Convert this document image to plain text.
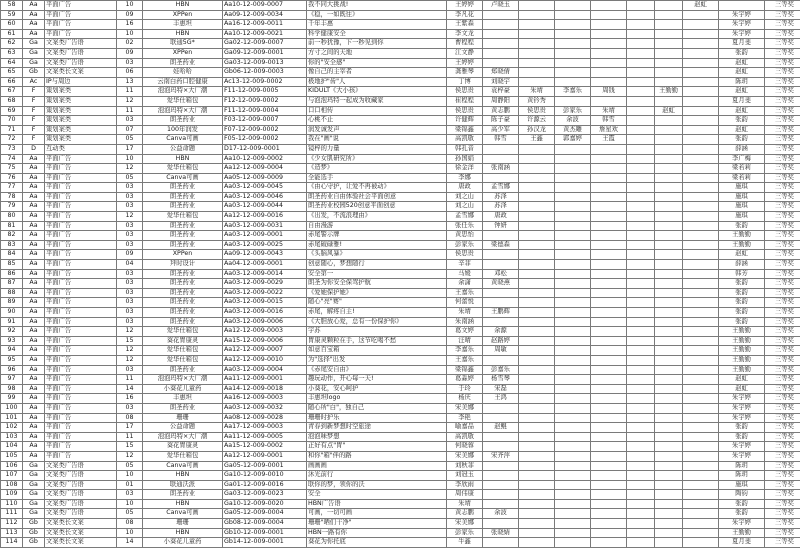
58	Aa	平面广告	10	HBN	Aa10-12-009-0007	我不同大挑战!	王婷婷	卢晓玉						赵虹		三等奖
59	Aa	平面广告	09	XPPen	Aa09-12-009-0034	《稳，一如既往》	李凡花								朱宇婷	三等奖
60	Aa	平面广告	16	丰惠坦	Aa16-12-009-0011	千年丰惠	王紫森								朱宇婷	三等奖
61	Aa	平面广告	10	HBN	Aa10-12-009-0021	科学健康安全	李文龙								朱宇婷	三等奖
62	Ga	文案类广告语	02	联通5G*	Ga02-12-009-0007	前一秒犹豫，下一秒见到你	曹程程								夏月斐	三等奖
63	Ga	文案类广告语	09	XPPen	Ga09-12-009-0001	方寸之间的天地	江文静								张韵	三等奖
64	Ga	文案类广告语	03	朗圣药业	Ga03-12-009-0013	你的"安全感"	王婷婷								赵虹	三等奖
65	Gb	文案类长文案	06	娃哈哈	Gb06-12-009-0003	像自己的主宰者	龚雅琴	郑晓倩							赵虹	三等奖
66	Ac	IP与周边	13	云南白药口腔健康	Ac13-12-009-0002	极地护"齿"人	丁博	刘晓宇							陈玥	三等奖
67	F	策划案类	11	泡泡玛特×大厂潮	F11-12-009-0005	KIDULT《大小孩》	侯思贵	袁梓豪	朱靖	李嘉乐	周钱		王勤勤		赵虹	三等奖
68	F	策划案类	12	爱华仕箱包	F12-12-009-0002	与泡泡玛特一起成为收藏家	崔程程	周静阳	黄钤秀						夏月斐	三等奖
69	F	策划案类	11	泡泡玛特×大厂潮	F11-12-009-0004	口口相传	侯思贵	黄志鹏	侯思贵	彭家乐	朱靖		赵虹		赵虹	三等奖
70	F	策划案类	03	朗圣药业	F03-12-009-0007	心桃不止	许健辉	陈子豪	许源云	余波	韩雪				张韵	三等奖
71	F	策划案类	07	100年润发	F07-12-009-0002	润发诚发声	梁锦鑫	高少军	孙汉龙	黄杰雕	詹星欢				赵虹	三等奖
72	F	策划案类	05	Canva可画	F05-12-009-0002	我在"画"说	高凯敬	韩雪	王鑫	郭嘉婷	王霞				张韵	三等奖
73	D	互动类	17	公益命题	D17-12-009-0001	镜梓的力量	韩孔音								薛涵	三等奖
74	Aa	平面广告	10	HBN	Aa10-12-009-0002	《少女肌研究所》	孙国娟								李广梅	三等奖
75	Aa	平面广告	12	爱华仕箱包	Aa12-12-009-0004	《造梦》	徐金洋	张南涵							梁若莉	三等奖
76	Aa	平面广告	05	Canva可画	Aa05-12-009-0009	全能选手	李娜								梁若莉	三等奖
77	Aa	平面广告	03	朗圣药业	Aa03-12-009-0045	《由心守护，让爱不再被动》	唐政	孟雪娜							施琪	三等奖
78	Aa	平面广告	03	朗圣药业	Aa03-12-009-0046	朗圣药业自由体验社会平面创意	刘之山	苏泽							施琪	三等奖
79	Aa	平面广告	03	朗圣药业	Aa03-12-009-0044	朗圣药业校园520创意平面创意	刘之山	苏泽							施琪	三等奖
80	Aa	平面广告	12	爱华仕箱包	Aa12-12-009-0016	《出发，不流浪理由》	孟雪娜	唐政							施琪	三等奖
81	Aa	平面广告	03	朗圣药业	Aa03-12-009-0031	自由漫游	张任乐	钟妍							张韵	三等奖
82	Aa	平面广告	03	朗圣药业	Aa03-12-009-0001	赤尾警示牌	黄思怡								王勤勤	三等奖
83	Aa	平面广告	03	朗圣药业	Aa03-12-009-0025	赤尾破碌雅!	彭家乐	梁德森							王勤勤	三等奖
84	Aa	平面广告	09	XPPen	Aa09-12-009-0043	《头脑风暴》	侯思贵								赵虹	三等奖
85	Aa	平面广告	04	拜时设计	Aa04-12-009-0001	创意随心，梦想随行	辛菲								薛涵	三等奖
86	Aa	平面广告	03	朗圣药业	Aa03-12-009-0014	安全第一	马媛	邓松							韩芳	三等奖
87	Aa	平面广告	03	朗圣药业	Aa03-12-009-0029	朗圣为你安全保驾护航	余潇	黄晓燕							张韵	三等奖
88	Aa	平面广告	03	朗圣药业	Aa03-12-009-0022	《爱她保护她》	王嘉乐								张韵	三等奖
89	Aa	平面广告	03	朗圣药业	Aa03-12-009-0015	随心"亮"赛"	何蕾悦								张韵	三等奖
90	Aa	平面广告	03	朗圣药业	Aa03-12-009-0016	赤尾，解疼自主!	朱靖	王鹏辉							张韵	三等奖
91	Aa	平面广告	03	朗圣药业	Aa03-12-009-0006	《大胆放心爱，总有一份保护你》	朱南涵								张韵	三等奖
92	Aa	平面广告	12	爱华仕箱包	Aa12-12-009-0003	宇苏	葛文婷	余源							王勤勤	三等奖
93	Aa	平面广告	15	葵花胃康灵	Aa15-12-009-0006	胃康灵颗粒在手，这节吃喝不愁	汪晴	赵路婷							王勤勤	三等奖
94	Aa	平面广告	12	爱华仕箱包	Aa12-12-009-0007	如意百宝箱	李嘉乐	周敏							王勤勤	三等奖
95	Aa	平面广告	12	爱华仕箱包	Aa12-12-009-0010	为"选择"出发	王嘉乐								王勤勤	三等奖
96	Aa	平面广告	03	朗圣药业	Aa03-12-009-0004	《赤尾安自由》	梁锦鑫	彭嘉乐							王勤勤	三等奖
97	Aa	平面广告	11	泡泡玛特×大厂潮	Aa11-12-009-0001	趣玩动作，开心每一天!	葛淼婷	杨雪琴							赵虹	三等奖
98	Aa	平面广告	14	小葵花儿童药	Aa14-12-009-0018	小葵花，安心呵护	于玲	宋磊							赵虹	三等奖
99	Aa	平面广告	16	丰惠坦	Aa16-12-009-0003	丰惠坦logo	杨庆	王鸿							朱宇婷	三等奖
100	Aa	平面广告	03	朗圣药业	Aa03-12-009-0032	随心所"白"，独自己	宋美娜								朱宇婷	三等奖
101	Aa	平面广告	08	珊珊	Aa08-12-009-0028	珊珊时护乐	李艳								朱宇婷	三等奖
102	Aa	平面广告	17	公益命题	Aa17-12-009-0003	青春到新梦想时空旅途	喻嘉品	赵鲲							张韵	三等奖
103	Aa	平面广告	11	泡泡玛特×大厂潮	Aa11-12-009-0005	泡泡味梦想	高凯敬								张韵	三等奖
104	Aa	平面广告	15	葵花胃康灵	Aa15-12-009-0002	正好有点"胃"	何晓蓉								朱宇婷	三等奖
105	Aa	平面广告	12	爱华仕箱包	Aa12-12-009-0001	和你"箱"伴的路	宋美娜	宋齐萍							朱宇婷	三等奖
106	Ga	文案类广告语	05	Canva可画	Ga05-12-009-0001	画画画	刘秋菲								陈玥	三等奖
107	Ga	文案类广告语	10	HBN	Ga10-12-009-0010	沐光前行	刘冠玉								陈玥	三等奖
108	Ga	文案类广告语	01	联通沃派	Ga01-12-009-0016	联你的梦，领你的沃	李欣雨								施琪	三等奖
109	Ga	文案类广告语	03	朗圣药业	Ga03-12-009-0023	安全	周伟康								陶钧	三等奖
110	Ga	文案类广告语	10	HBN	Ga10-12-009-0020	HBN广告语	朱靖								张韵	三等奖
111	Ga	文案类广告语	05	Canva可画	Ga05-12-009-0004	可画，一切可画	黄志鹏	余波							张韵	三等奖
112	Gb	文案类长文案	08	珊珊	Gb08-12-009-0004	珊珊"晒们干净"	宋美娜								朱宇婷	三等奖
113	Gb	文案类长文案	10	HBN	Gb10-12-009-0001	HBN一路有你	彭家乐	张晓婧							王勤勤	三等奖
114	Gb	文案类长文案	14	小葵花儿童药	Gb14-12-009-0001	葵花为你托底	牛鑫								夏月斐	三等奖
